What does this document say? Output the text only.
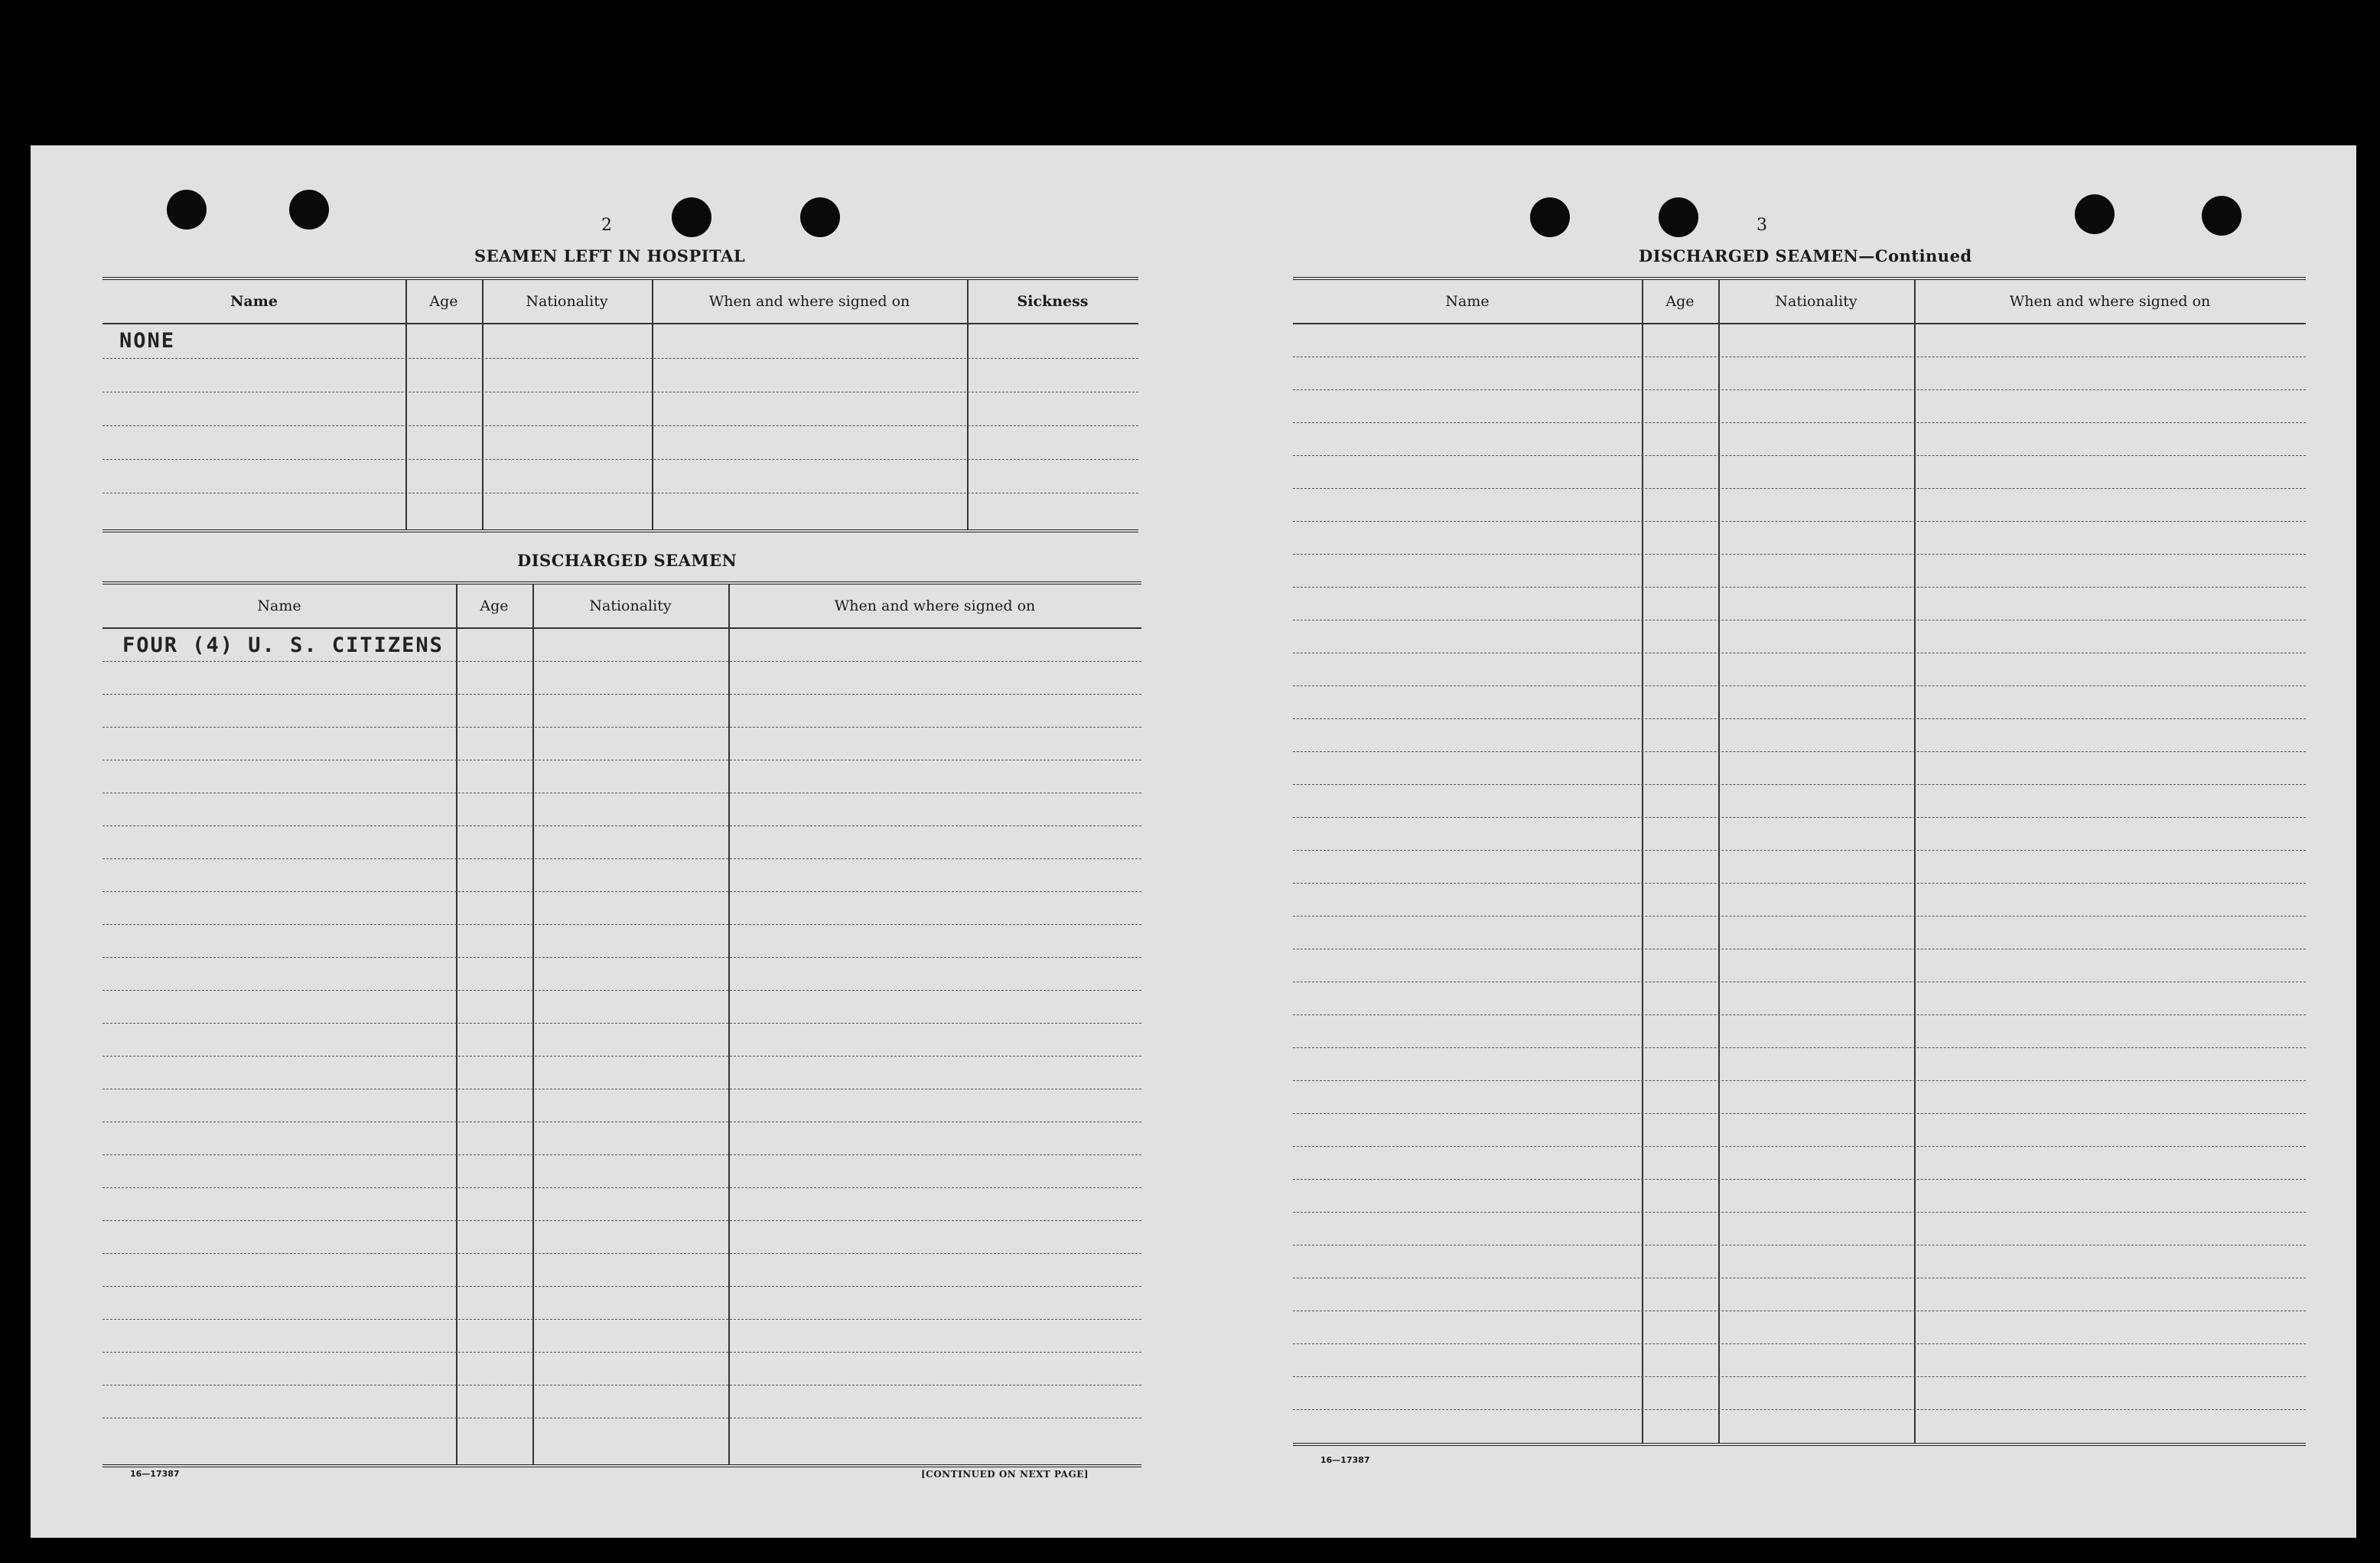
2
SEAMEN LEFT IN HOSPITAL
Name	Age	Nationality	When and where signed on	Sickness
NONE
DISCHARGED SEAMEN
Name	Age	Nationality	When and where signed on
FOUR (4) U. S. CITIZENS
16—17387	[CONTINUED ON NEXT PAGE]
3
DISCHARGED SEAMEN—Continued
Name	Age	Nationality	When and where signed on
16—17387
